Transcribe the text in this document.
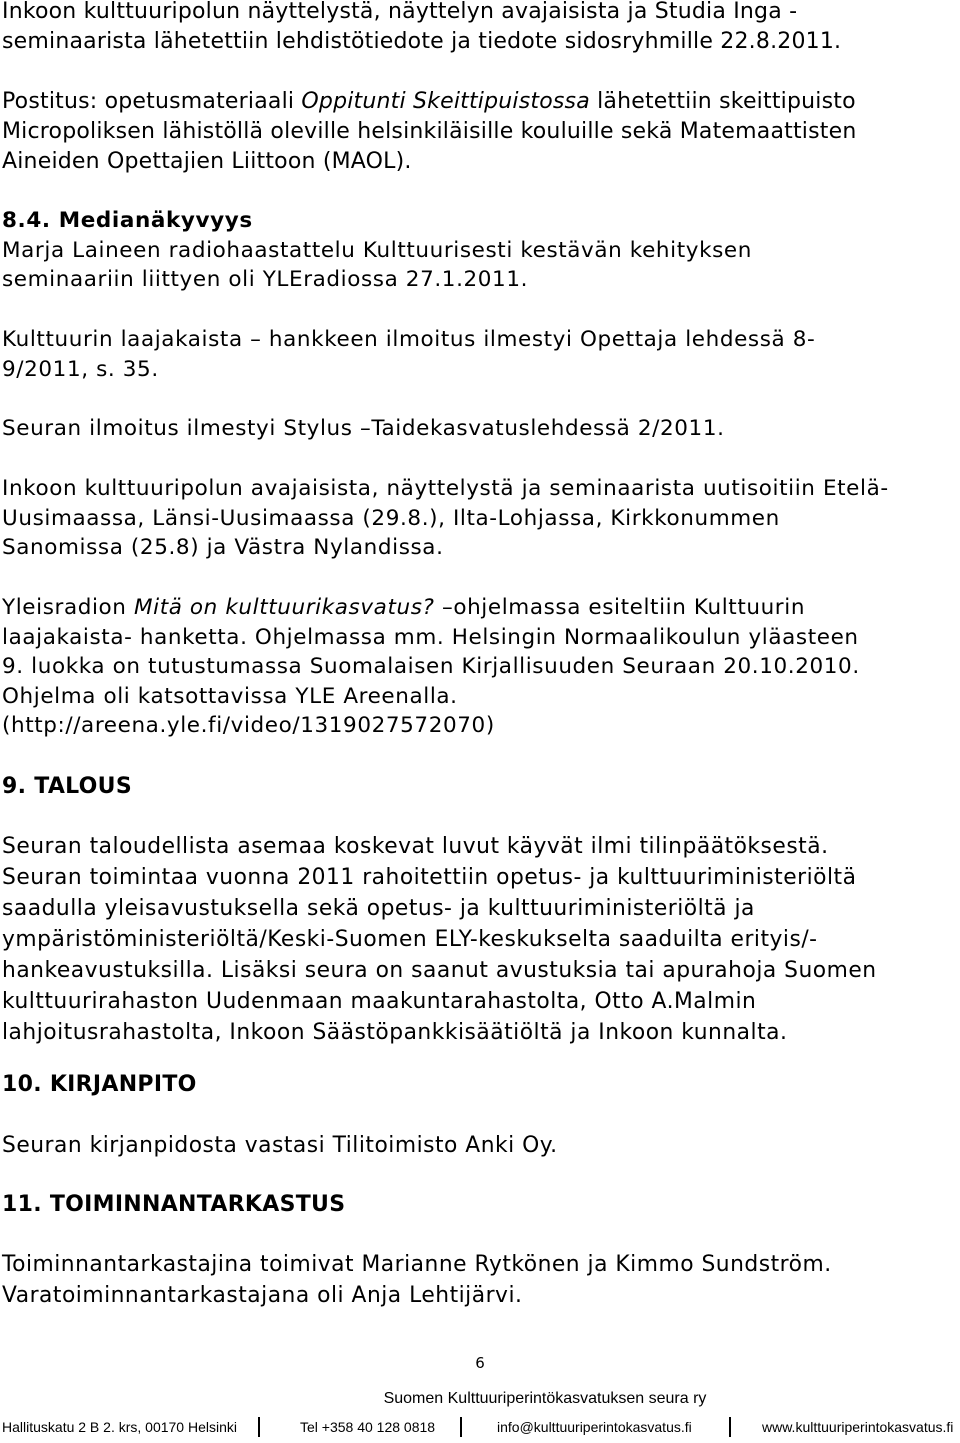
Inkoon kulttuuripolun näyttelystä, näyttelyn avajaisista ja Studia Inga -
seminaarista lähetettiin lehdistötiedote ja tiedote sidosryhmille 22.8.2011.

Postitus: opetusmateriaali Oppitunti Skeittipuistossa lähetettiin skeittipuisto
Micropoliksen lähistöllä oleville helsinkiläisille kouluille sekä Matemaattisten
Aineiden Opettajien Liittoon (MAOL).

8.4. Medianäkyvyys
Marja Laineen radiohaastattelu Kulttuurisesti kestävän kehityksen
seminaariin liittyen oli YLEradiossa 27.1.2011.

Kulttuurin laajakaista – hankkeen ilmoitus ilmestyi Opettaja lehdessä 8-
9/2011, s. 35.

Seuran ilmoitus ilmestyi Stylus –Taidekasvatuslehdessä 2/2011.

Inkoon kulttuuripolun avajaisista, näyttelystä ja seminaarista uutisoitiin Etelä-
Uusimaassa, Länsi-Uusimaassa (29.8.), Ilta-Lohjassa, Kirkkonummen
Sanomissa (25.8) ja Västra Nylandissa.

Yleisradion Mitä on kulttuurikasvatus? –ohjelmassa esiteltiin Kulttuurin
laajakaista- hanketta. Ohjelmassa mm. Helsingin Normaalikoulun yläasteen
9. luokka on tutustumassa Suomalaisen Kirjallisuuden Seuraan 20.10.2010.
Ohjelma oli katsottavissa YLE Areenalla.
(http://areena.yle.fi/video/1319027572070)

9. TALOUS

Seuran taloudellista asemaa koskevat luvut käyvät ilmi tilinpäätöksestä.
Seuran toimintaa vuonna 2011 rahoitettiin opetus- ja kulttuuriministeriöltä
saadulla yleisavustuksella sekä opetus- ja kulttuuriministeriöltä ja
ympäristöministeriöltä/Keski-Suomen ELY-keskukselta saaduilta erityis/-
hankeavustuksilla. Lisäksi seura on saanut avustuksia tai apurahoja Suomen
kulttuurirahaston Uudenmaan maakuntarahastolta, Otto A.Malmin
lahjoitusrahastolta, Inkoon Säästöpankkisäätiöltä ja Inkoon kunnalta.

10. KIRJANPITO

Seuran kirjanpidosta vastasi Tilitoimisto Anki Oy.

11. TOIMINNANTARKASTUS

Toiminnantarkastajina toimivat Marianne Rytkönen ja Kimmo Sundström.
Varatoiminnantarkastajana oli Anja Lehtijärvi.

6
Suomen Kulttuuriperintökasvatuksen seura ry
Hallituskatu 2 B 2. krs, 00170 Helsinki	Tel +358 40 128 0818	info@kulttuuriperintokasvatus.fi	www.kulttuuriperintokasvatus.fi
